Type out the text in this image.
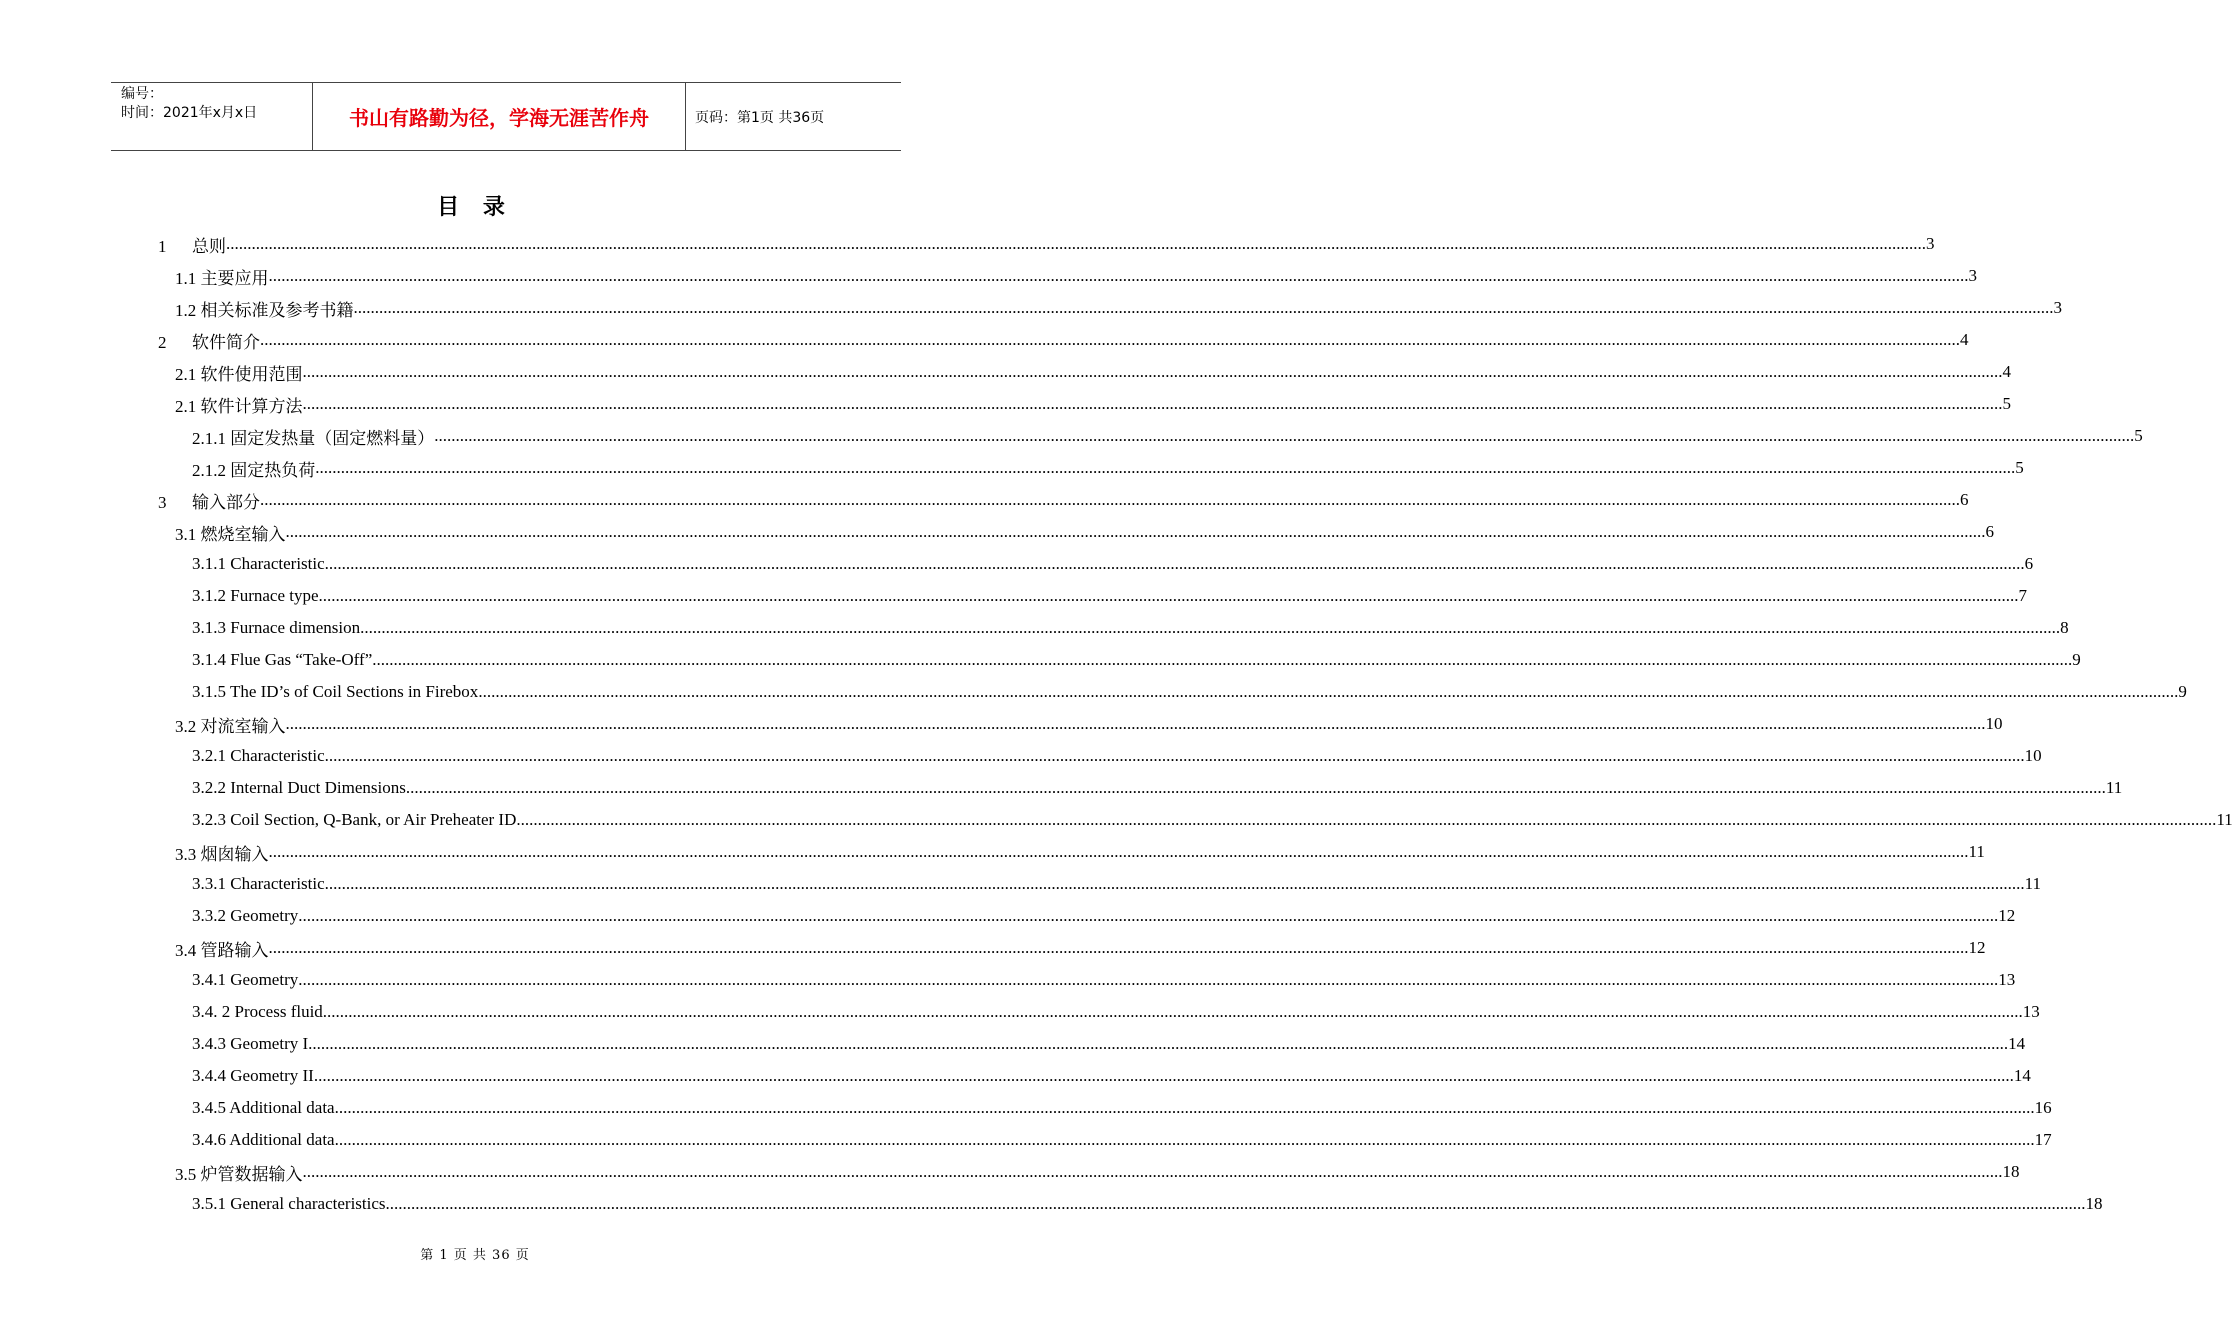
编号：
时间：2021年x月x日	书山有路勤为径，学海无涯苦作舟	页码：第1页 共36页
目 录
1      总则 ................................................................................................................................................................................................................................................................................................................................................................................................................ 3
1.1 主要应用 ................................................................................................................................................................................................................................................................................................................................................................................................................ 3
1.2 相关标准及参考书籍 ................................................................................................................................................................................................................................................................................................................................................................................................................ 3
2      软件简介 ................................................................................................................................................................................................................................................................................................................................................................................................................ 4
2.1 软件使用范围 ................................................................................................................................................................................................................................................................................................................................................................................................................ 4
2.1 软件计算方法 ................................................................................................................................................................................................................................................................................................................................................................................................................ 5
2.1.1 固定发热量（固定燃料量） ................................................................................................................................................................................................................................................................................................................................................................................................................ 5
2.1.2 固定热负荷 ................................................................................................................................................................................................................................................................................................................................................................................................................ 5
3      输入部分 ................................................................................................................................................................................................................................................................................................................................................................................................................ 6
3.1 燃烧室输入 ................................................................................................................................................................................................................................................................................................................................................................................................................ 6
3.1.1 Characteristic ................................................................................................................................................................................................................................................................................................................................................................................................................ 6
3.1.2 Furnace type ................................................................................................................................................................................................................................................................................................................................................................................................................ 7
3.1.3 Furnace dimension ................................................................................................................................................................................................................................................................................................................................................................................................................ 8
3.1.4 Flue Gas “Take-Off” ................................................................................................................................................................................................................................................................................................................................................................................................................ 9
3.1.5 The ID’s of Coil Sections in Firebox ................................................................................................................................................................................................................................................................................................................................................................................................................ 9
3.2 对流室输入 ................................................................................................................................................................................................................................................................................................................................................................................................................ 10
3.2.1 Characteristic ................................................................................................................................................................................................................................................................................................................................................................................................................ 10
3.2.2 Internal Duct Dimensions ................................................................................................................................................................................................................................................................................................................................................................................................................ 11
3.2.3 Coil Section, Q-Bank, or Air Preheater ID ................................................................................................................................................................................................................................................................................................................................................................................................................ 11
3.3 烟囱输入 ................................................................................................................................................................................................................................................................................................................................................................................................................ 11
3.3.1 Characteristic ................................................................................................................................................................................................................................................................................................................................................................................................................ 11
3.3.2 Geometry ................................................................................................................................................................................................................................................................................................................................................................................................................ 12
3.4 管路输入 ................................................................................................................................................................................................................................................................................................................................................................................................................ 12
3.4.1 Geometry ................................................................................................................................................................................................................................................................................................................................................................................................................ 13
3.4. 2 Process fluid ................................................................................................................................................................................................................................................................................................................................................................................................................ 13
3.4.3 Geometry I ................................................................................................................................................................................................................................................................................................................................................................................................................ 14
3.4.4 Geometry II ................................................................................................................................................................................................................................................................................................................................................................................................................ 14
3.4.5 Additional data ................................................................................................................................................................................................................................................................................................................................................................................................................ 16
3.4.6 Additional data ................................................................................................................................................................................................................................................................................................................................................................................................................ 17
3.5 炉管数据输入 ................................................................................................................................................................................................................................................................................................................................................................................................................ 18
3.5.1 General characteristics ................................................................................................................................................................................................................................................................................................................................................................................................................ 18
第 1 页 共 36 页
